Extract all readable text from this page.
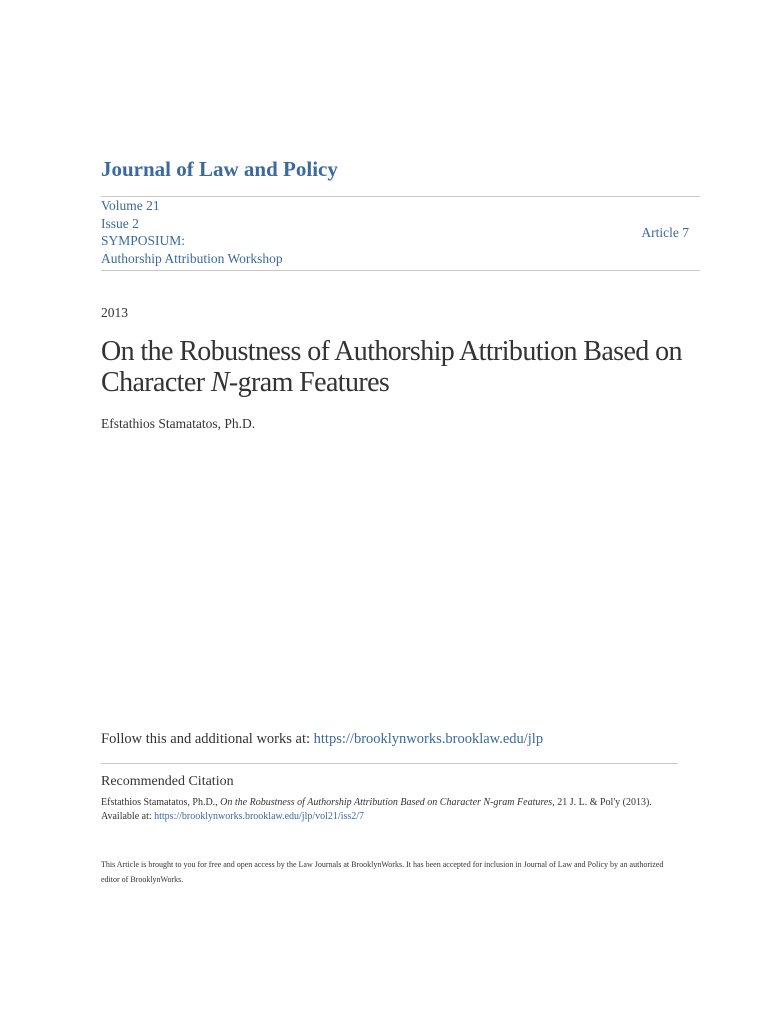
Journal of Law and Policy
Volume 21
Issue 2
SYMPOSIUM:
Authorship Attribution Workshop
Article 7
2013
On the Robustness of Authorship Attribution Based on Character N-gram Features
Efstathios Stamatatos, Ph.D.
Follow this and additional works at: https://brooklynworks.brooklaw.edu/jlp
Recommended Citation
Efstathios Stamatatos, Ph.D., On the Robustness of Authorship Attribution Based on Character N-gram Features, 21 J. L. & Pol'y (2013).
Available at: https://brooklynworks.brooklaw.edu/jlp/vol21/iss2/7
This Article is brought to you for free and open access by the Law Journals at BrooklynWorks. It has been accepted for inclusion in Journal of Law and Policy by an authorized editor of BrooklynWorks.
